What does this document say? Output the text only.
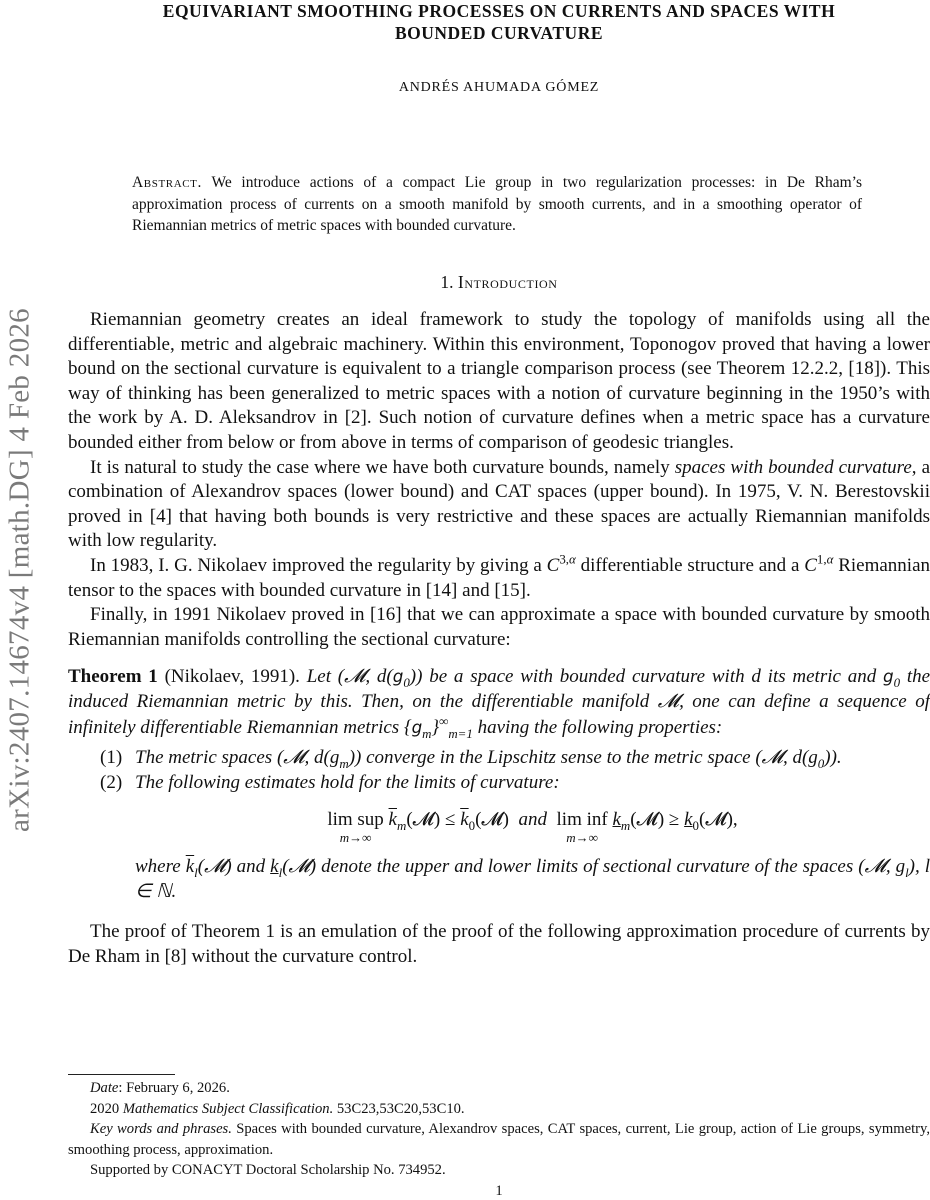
arXiv:2407.14674v4 [math.DG] 4 Feb 2026
EQUIVARIANT SMOOTHING PROCESSES ON CURRENTS AND SPACES WITH
BOUNDED CURVATURE
ANDRÉS AHUMADA GÓMEZ
Abstract. We introduce actions of a compact Lie group in two regularization processes: in De Rham’s approximation process of currents on a smooth manifold by smooth currents, and in a smoothing operator of Riemannian metrics of metric spaces with bounded curvature.
1. Introduction

Riemannian geometry creates an ideal framework to study the topology of manifolds using all the differentiable, metric and algebraic machinery. Within this environment, Toponogov proved that having a lower bound on the sectional curvature is equivalent to a triangle comparison process (see Theorem 12.2.2, [18]). This way of thinking has been generalized to metric spaces with a notion of curvature beginning in the 1950’s with the work by A. D. Aleksandrov in [2]. Such notion of curvature defines when a metric space has a curvature bounded either from below or from above in terms of comparison of geodesic triangles.

It is natural to study the case where we have both curvature bounds, namely spaces with bounded curvature, a combination of Alexandrov spaces (lower bound) and CAT spaces (upper bound). In 1975, V. N. Berestovskii proved in [4] that having both bounds is very restrictive and these spaces are actually Riemannian manifolds with low regularity.

In 1983, I. G. Nikolaev improved the regularity by giving a $C^{3,\alpha}$ differentiable structure and a $C^{1,\alpha}$ Riemannian tensor to the spaces with bounded curvature in [14] and [15].

Finally, in 1991 Nikolaev proved in [16] that we can approximate a space with bounded curvature by smooth Riemannian manifolds controlling the sectional curvature:

Theorem 1 (Nikolaev, 1991). Let (𝓜, $d(g_0)$) be a space with bounded curvature with d its metric and $g_0$ the induced Riemannian metric by this. Then, on the differentiable manifold 𝓜, one can define a sequence of infinitely differentiable Riemannian metrics $\{g_m\}^\infty_{m=1}$ having the following properties:

(1) The metric spaces (𝓜, $d(g_m)$) converge in the Lipschitz sense to the metric space (𝓜, $d(g_0)$).
(2) The following estimates hold for the limits of curvature:
lim sup
m→∞
$\overline{k}_m(𝓜)$ ≤ $\overline{k}_0(𝓜)$  and lim inf
m→∞
$k_m(𝓜)$ ≥ $k_0(𝓜)$,
where $\overline{k}_l(𝓜)$ and $k_l(𝓜)$ denote the upper and lower limits of sectional curvature of the spaces (𝓜, $g_l$), l ∈ ℕ.

The proof of Theorem 1 is an emulation of the proof of the following approximation procedure of currents by De Rham in [8] without the curvature control.

Date: February 6, 2026.

2020 Mathematics Subject Classification. 53C23,53C20,53C10.

Key words and phrases. Spaces with bounded curvature, Alexandrov spaces, CAT spaces, current, Lie group, action of Lie groups, symmetry, smoothing process, approximation.

Supported by CONACYT Doctoral Scholarship No. 734952.

1
